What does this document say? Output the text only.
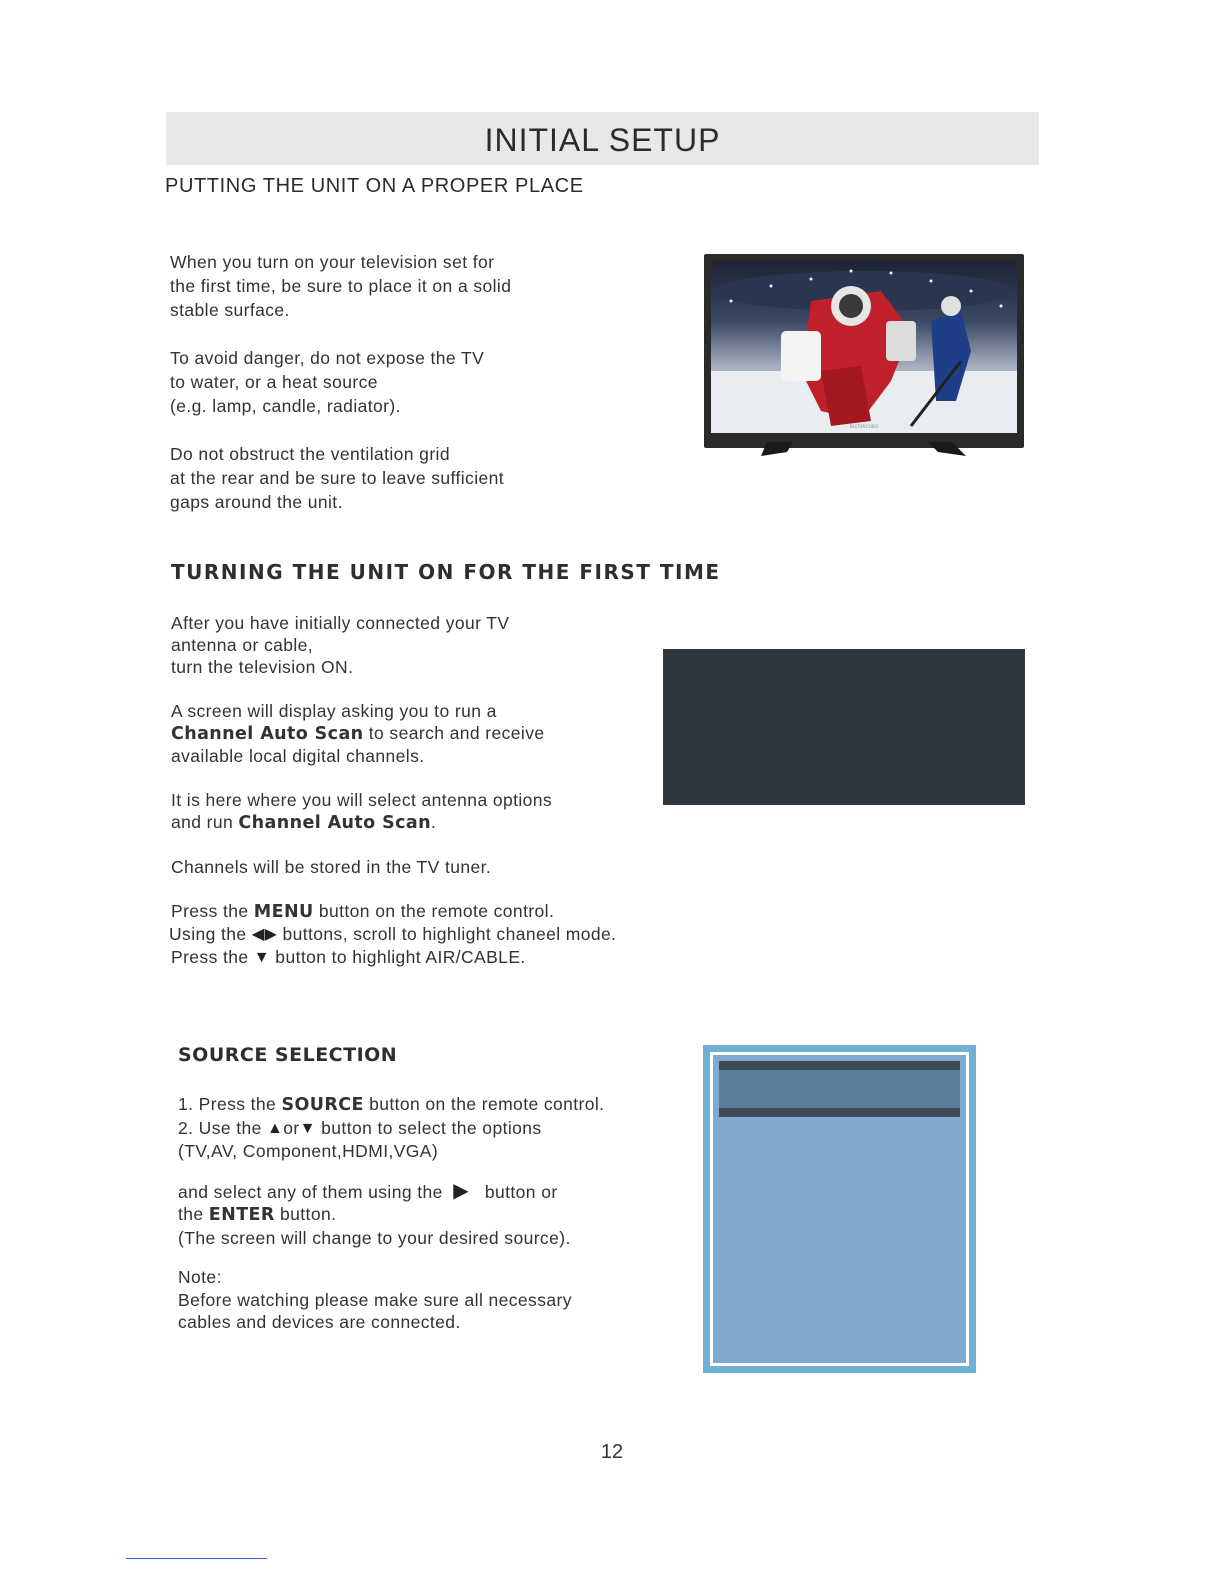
INITIAL SETUP
PUTTING THE UNIT ON A PROPER PLACE

When you turn on your television set for

the first time, be sure to place it on a solid

stable surface.

To avoid danger, do not expose the TV

to water, or a heat source

(e.g. lamp, candle, radiator).

Do not obstruct the ventilation grid

at the rear and be sure to leave sufficient

gaps around the unit.

technicolor
TURNING THE UNIT ON FOR THE FIRST TIME

After you have initially connected your TV

antenna or cable,

turn the television ON.

A screen will display asking you to run a

Channel Auto Scan to search and receive

available local digital channels.

It is here where you will select antenna options

and run Channel Auto Scan.

Channels will be stored in the TV tuner.

Press the MENU button on the remote control.

Using the ◀▶ buttons, scroll to highlight chaneel mode.

Press the ▼ button to highlight AIR/CABLE.

SOURCE SELECTION

1. Press the SOURCE button on the remote control.

2. Use the ▲or▼ button to select the options

(TV,AV, Component,HDMI,VGA)

and select any of them using the ▶ button or

the ENTER button.

(The screen will change to your desired source).

Note:

Before watching please make sure all necessary

cables and devices are connected.

12
